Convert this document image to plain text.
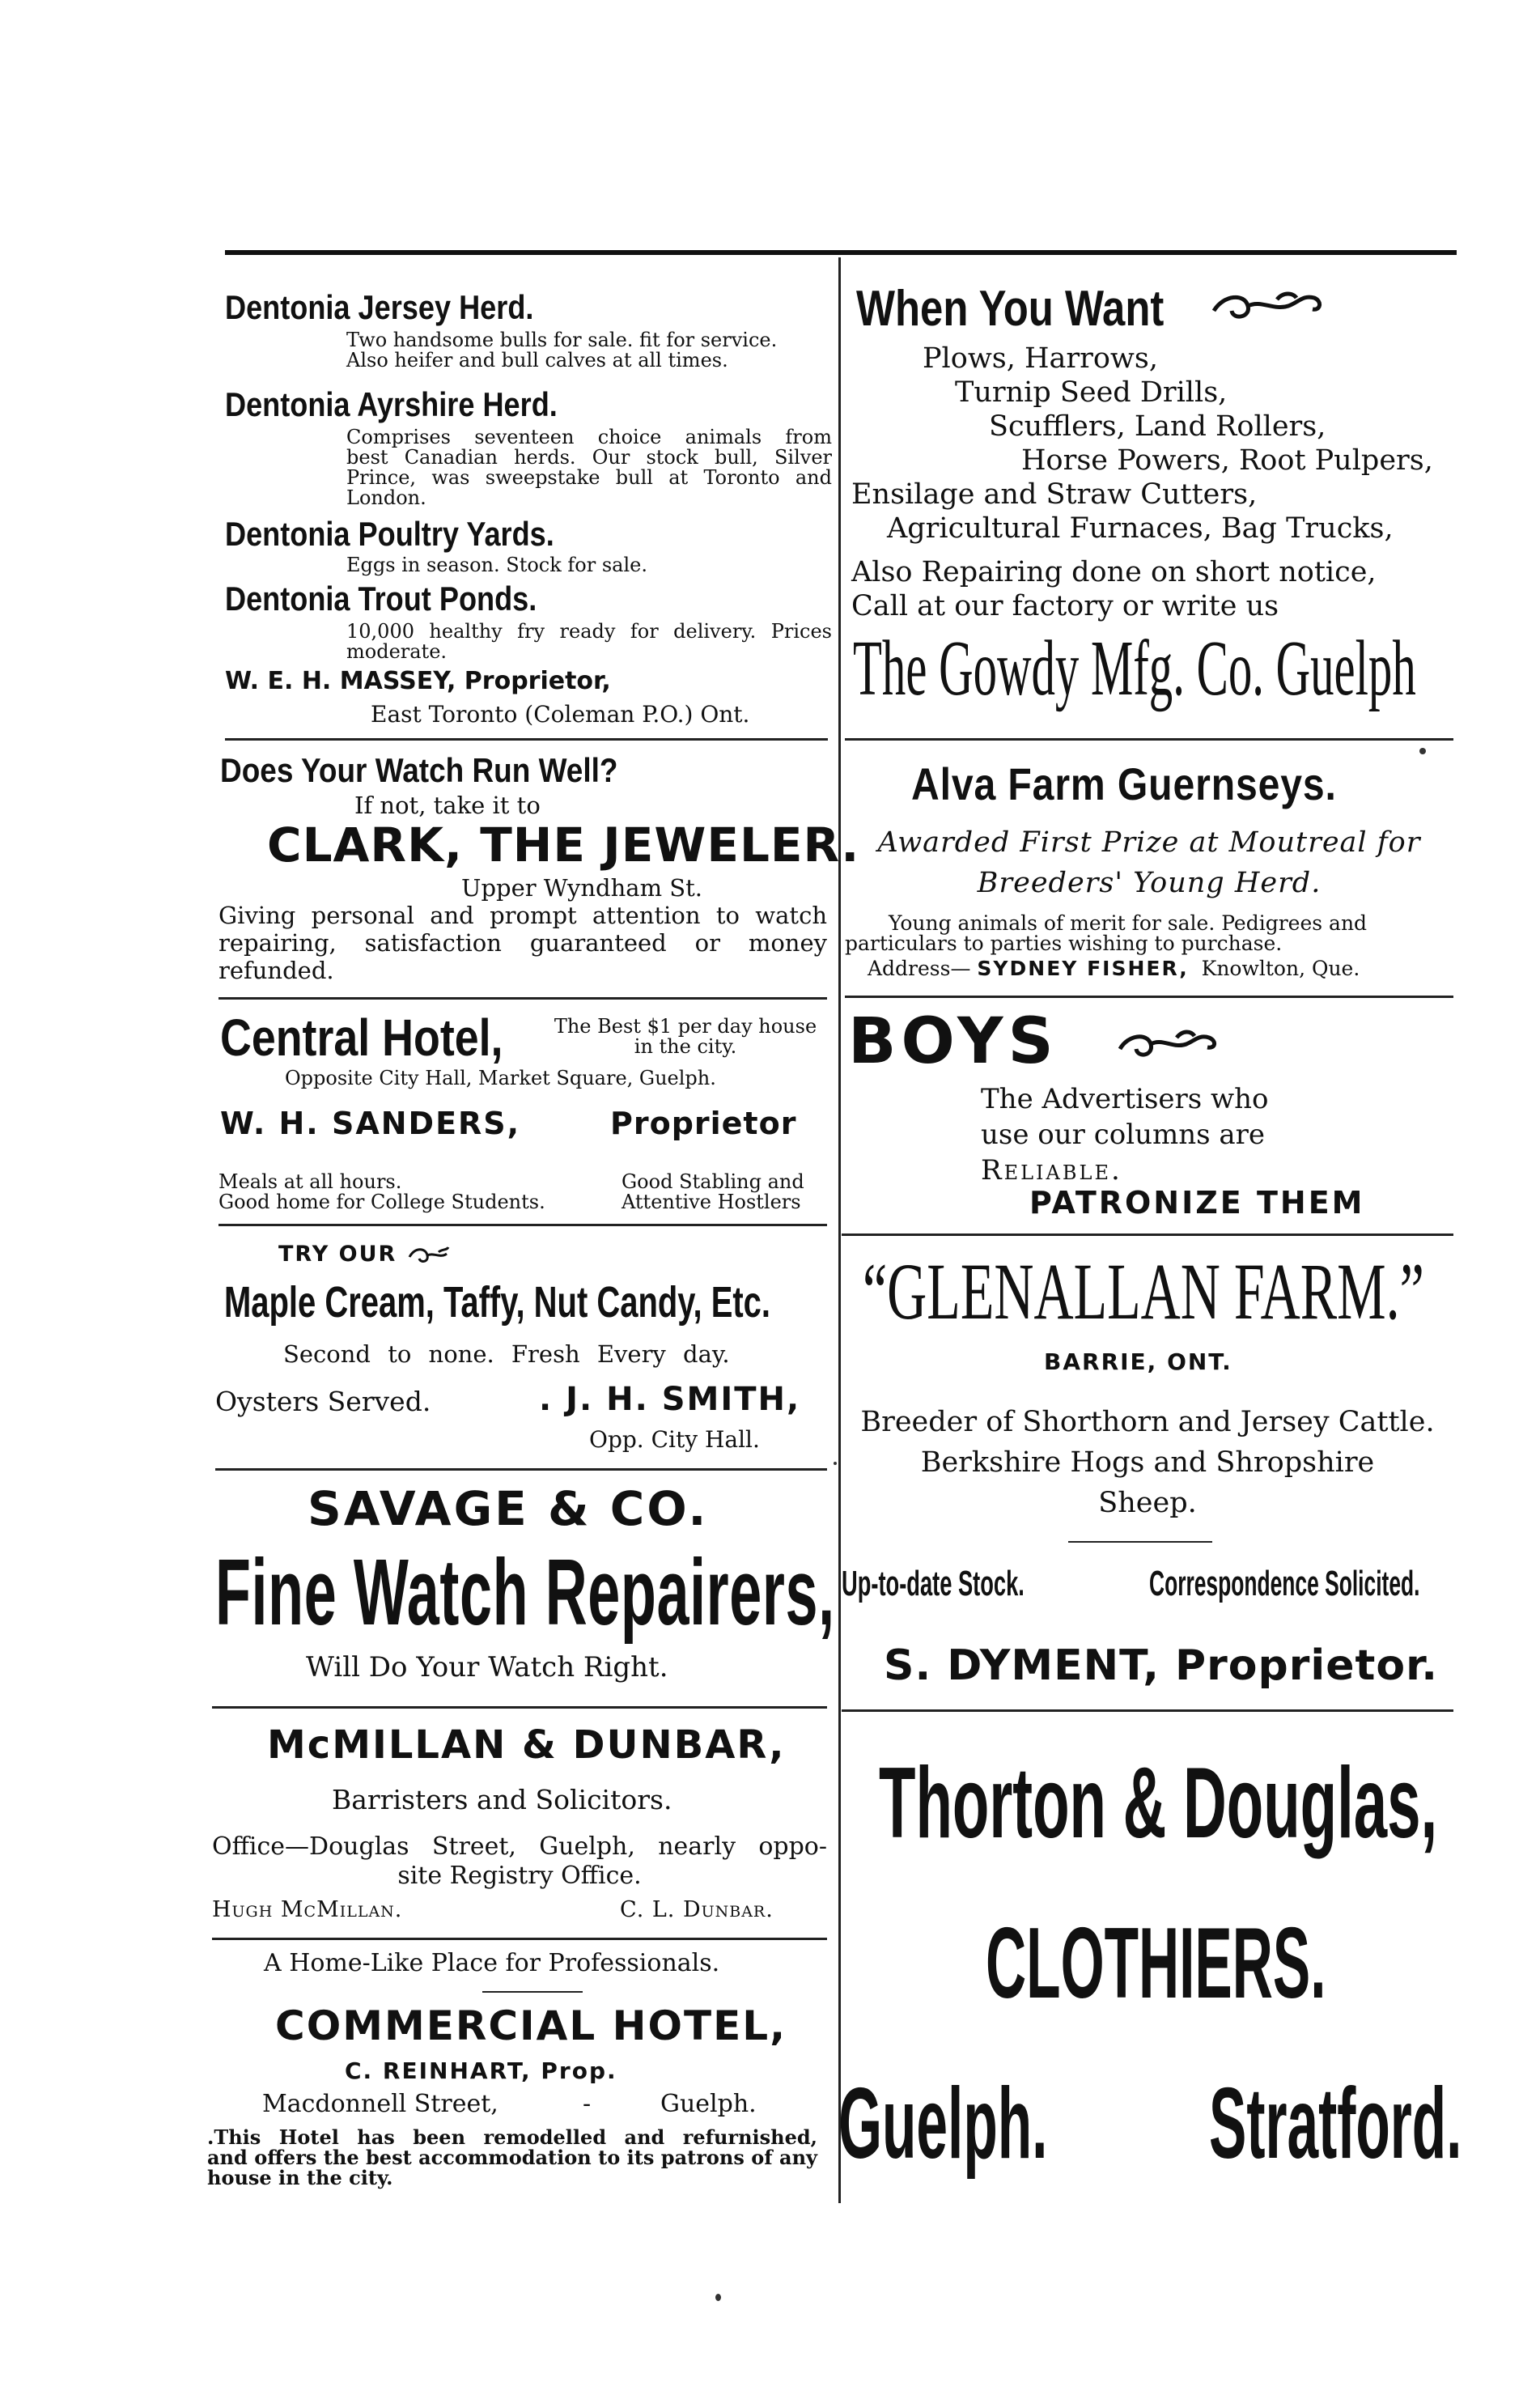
Dentonia Jersey Herd.
Two handsome bulls for sale. fit for service.
Also heifer and bull calves at all times.
Dentonia Ayrshire Herd.
Comprises seventeen choice animals from
best Canadian herds. Our stock bull, Silver
Prince, was sweepstake bull at Toronto and
London.
Dentonia Poultry Yards.
Eggs in season. Stock for sale.
Dentonia Trout Ponds.
10,000 healthy fry ready for delivery. Prices
moderate.
W. E. H. MASSEY, Proprietor,
East Toronto (Coleman P.O.) Ont.
Does Your Watch Run Well?
If not, take it to
CLARK, THE JEWELER.
Upper Wyndham St.
Giving personal and prompt attention to watch
repairing, satisfaction guaranteed or money
refunded.
Central Hotel,	The Best $1 per day house
in the city.
Opposite City Hall, Market Square, Guelph.
W. H. SANDERS,	Proprietor
Meals at all hours.
Good home for College Students.
Good Stabling and
Attentive Hostlers
TRY OUR
Maple Cream, Taffy, Nut Candy, Etc.
Second to none. Fresh Every day.
Oysters Served.	. J. H. SMITH,
Opp. City Hall.
SAVAGE & CO.
Fine Watch Repairers,
Will Do Your Watch Right.
McMILLAN & DUNBAR,
Barristers and Solicitors.
Office—Douglas Street, Guelph, nearly oppo-
site Registry Office.
Hugh McMillan.	C. L. Dunbar.
A Home-Like Place for Professionals.
COMMERCIAL HOTEL,
C. REINHART, Prop.
Macdonnell Street,	-	Guelph.
.This Hotel has been remodelled and refurnished,
and offers the best accommodation to its patrons of any
house in the city.
When You Want
Plows, Harrows,
Turnip Seed Drills,
Scufflers, Land Rollers,
Horse Powers, Root Pulpers,
Ensilage and Straw Cutters,
Agricultural Furnaces, Bag Trucks,
Also Repairing done on short notice,
Call at our factory or write us
The Gowdy Mfg. Co. Guelph
Alva Farm Guernseys.
Awarded First Prize at Moutreal for
Breeders' Young Herd.
Young animals of merit for sale. Pedigrees and
particulars to parties wishing to purchase.
Address— SYDNEY FISHER, Knowlton, Que.
BOYS
The Advertisers who
use our columns are
Reliable.
PATRONIZE THEM
“GLENALLAN FARM.”
BARRIE, ONT.
Breeder of Shorthorn and Jersey Cattle.
Berkshire Hogs and Shropshire
Sheep.
Up-to-date Stock.	Correspondence Solicited.
S. DYMENT, Proprietor.
Thorton & Douglas,
CLOTHIERS.
Guelph.	Stratford.
